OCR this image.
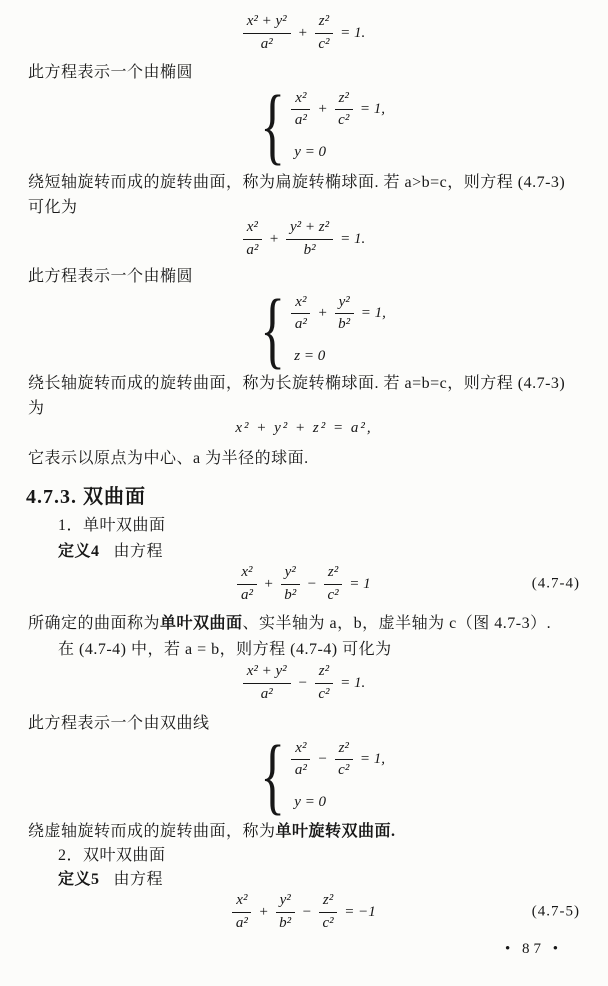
$\frac{\text{x² + y²}}{\text{a²}} + \frac{\text{z²}}{\text{c²}} = 1$.
此方程表示一个由椭圆
{ $\frac{\text{x²}}{\text{a²}} + \frac{\text{z²}}{\text{c²}} = 1$,
y = 0
绕短轴旋转而成的旋转曲面，称为扁旋转椭球面. 若 a>b=c，则方程 (4.7-3)
可化为
$\frac{\text{x²}}{\text{a²}} + \frac{\text{y² + z²}}{\text{b²}} = 1$.
此方程表示一个由椭圆
{ $\frac{\text{x²}}{\text{a²}} + \frac{\text{y²}}{\text{b²}} = 1$,
z = 0
绕长轴旋转而成的旋转曲面，称为长旋转椭球面. 若 a=b=c，则方程 (4.7-3)
为
x² + y² + z² = a²,
它表示以原点为中心、a 为半径的球面.
4.7.3. 双曲面
1．单叶双曲面
定义4 由方程
$\frac{\text{x²}}{\text{a²}} + \frac{\text{y²}}{\text{b²}} - \frac{\text{z²}}{\text{c²}} = 1$	(4.7-4)
所确定的曲面称为单叶双曲面、实半轴为 a，b，虚半轴为 c（图 4.7-3）.
在 (4.7-4) 中，若 a = b，则方程 (4.7-4) 可化为
$\frac{\text{x² + y²}}{\text{a²}} - \frac{\text{z²}}{\text{c²}} = 1$.
此方程表示一个由双曲线
{ $\frac{\text{x²}}{\text{a²}} - \frac{\text{z²}}{\text{c²}} = 1$,
y = 0
绕虚轴旋转而成的旋转曲面，称为单叶旋转双曲面.
2．双叶双曲面
定义5 由方程
$\frac{\text{x²}}{\text{a²}} + \frac{\text{y²}}{\text{b²}} - \frac{\text{z²}}{\text{c²}} = -1$	(4.7-5)
• 87 •
